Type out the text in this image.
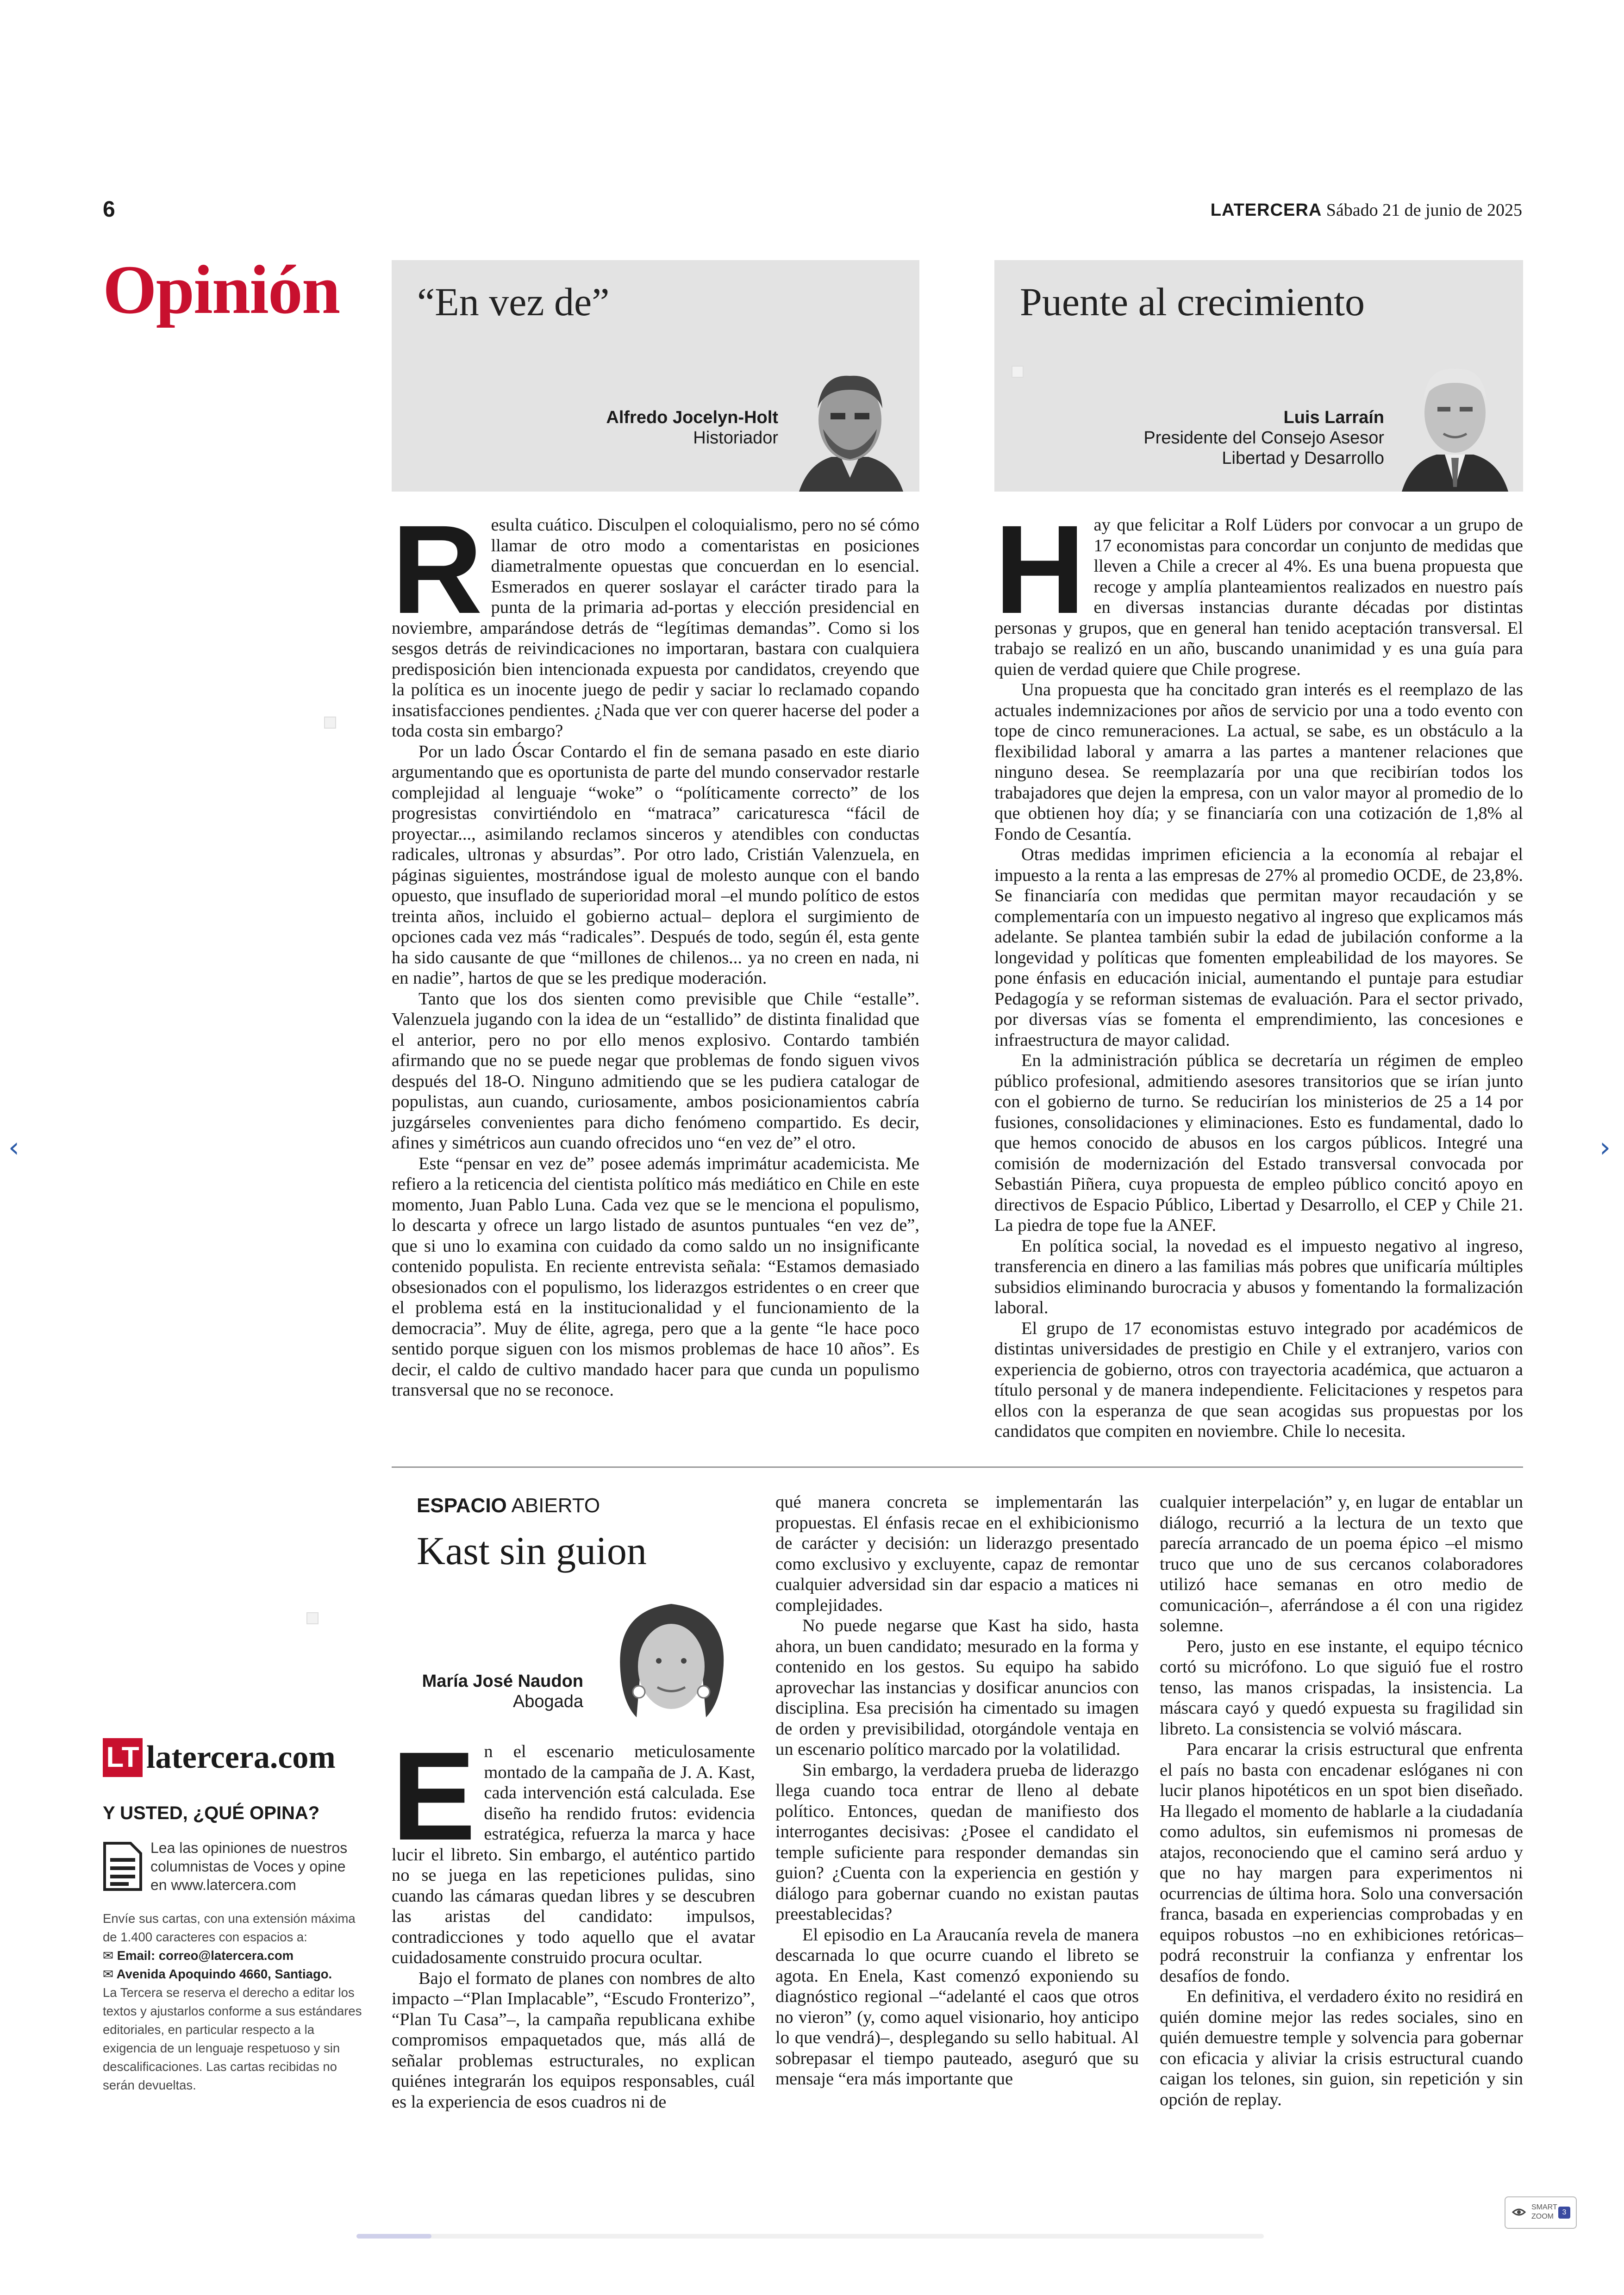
6	LATERCERA Sábado 21 de junio de 2025
Opinión “En vez de”
Alfredo Jocelyn-Holt
Historiador
Puente al crecimiento
Luis Larraín
Presidente del Consejo Asesor
Libertad y Desarrollo
R esulta cuático. Disculpen el coloquialismo, pero no sé cómo llamar de otro modo a comentaristas en posiciones diametralmente opuestas que concuerdan en lo esencial. Esmerados en querer soslayar el carácter tirado para la punta de la primaria ad-portas y elección presidencial en noviembre, amparándose detrás de “legítimas demandas”. Como si los sesgos detrás de reivindicaciones no importaran, bastara con cualquiera predisposición bien intencionada expuesta por candidatos, creyendo que la política es un inocente juego de pedir y saciar lo reclamado copando insatisfacciones pendientes. ¿Nada que ver con querer hacerse del poder a toda costa sin embargo?

Por un lado Óscar Contardo el fin de semana pasado en este diario argumentando que es oportunista de parte del mundo conservador restarle complejidad al lenguaje “woke” o “políticamente correcto” de los progresistas convirtiéndolo en “matraca” caricaturesca “fácil de proyectar..., asimilando reclamos sinceros y atendibles con conductas radicales, ultronas y absurdas”. Por otro lado, Cristián Valenzuela, en páginas siguientes, mostrándose igual de molesto aunque con el bando opuesto, que insuflado de superioridad moral –el mundo político de estos treinta años, incluido el gobierno actual– deplora el surgimiento de opciones cada vez más “radicales”. Después de todo, según él, esta gente ha sido causante de que “millones de chilenos... ya no creen en nada, ni en nadie”, hartos de que se les predique moderación.

Tanto que los dos sienten como previsible que Chile “estalle”. Valenzuela jugando con la idea de un “estallido” de distinta finalidad que el anterior, pero no por ello menos explosivo. Contardo también afirmando que no se puede negar que problemas de fondo siguen vivos después del 18-O. Ninguno admitiendo que se les pudiera catalogar de populistas, aun cuando, curiosamente, ambos posicionamientos cabría juzgárseles convenientes para dicho fenómeno compartido. Es decir, afines y simétricos aun cuando ofrecidos uno “en vez de” el otro.

Este “pensar en vez de” posee además imprimátur academicista. Me refiero a la reticencia del cientista político más mediático en Chile en este momento, Juan Pablo Luna. Cada vez que se le menciona el populismo, lo descarta y ofrece un largo listado de asuntos puntuales “en vez de”, que si uno lo examina con cuidado da como saldo un no insignificante contenido populista. En reciente entrevista señala: “Estamos demasiado obsesionados con el populismo, los liderazgos estridentes o en creer que el problema está en la institucionalidad y el funcionamiento de la democracia”. Muy de élite, agrega, pero que a la gente “le hace poco sentido porque siguen con los mismos problemas de hace 10 años”. Es decir, el caldo de cultivo mandado hacer para que cunda un populismo transversal que no se reconoce.

H ay que felicitar a Rolf Lüders por convocar a un grupo de 17 economistas para concordar un conjunto de medidas que lleven a Chile a crecer al 4%. Es una buena propuesta que recoge y amplía planteamientos realizados en nuestro país en diversas instancias durante décadas por distintas personas y grupos, que en general han tenido aceptación transversal. El trabajo se realizó en un año, buscando unanimidad y es una guía para quien de verdad quiere que Chile progrese.

Una propuesta que ha concitado gran interés es el reemplazo de las actuales indemnizaciones por años de servicio por una a todo evento con tope de cinco remuneraciones. La actual, se sabe, es un obstáculo a la flexibilidad laboral y amarra a las partes a mantener relaciones que ninguno desea. Se reemplazaría por una que recibirían todos los trabajadores que dejen la empresa, con un valor mayor al promedio de lo que obtienen hoy día; y se financiaría con una cotización de 1,8% al Fondo de Cesantía.

Otras medidas imprimen eficiencia a la economía al rebajar el impuesto a la renta a las empresas de 27% al promedio OCDE, de 23,8%. Se financiaría con medidas que permitan mayor recaudación y se complementaría con un impuesto negativo al ingreso que explicamos más adelante. Se plantea también subir la edad de jubilación conforme a la longevidad y políticas que fomenten empleabilidad de los mayores. Se pone énfasis en educación inicial, aumentando el puntaje para estudiar Pedagogía y se reforman sistemas de evaluación. Para el sector privado, por diversas vías se fomenta el emprendimiento, las concesiones e infraestructura de mayor calidad.

En la administración pública se decretaría un régimen de empleo público profesional, admitiendo asesores transitorios que se irían junto con el gobierno de turno. Se reducirían los ministerios de 25 a 14 por fusiones, consolidaciones y eliminaciones. Esto es fundamental, dado lo que hemos conocido de abusos en los cargos públicos. Integré una comisión de modernización del Estado transversal convocada por Sebastián Piñera, cuya propuesta de empleo público concitó apoyo en directivos de Espacio Público, Libertad y Desarrollo, el CEP y Chile 21. La piedra de tope fue la ANEF.

En política social, la novedad es el impuesto negativo al ingreso, transferencia en dinero a las familias más pobres que unificaría múltiples subsidios eliminando burocracia y abusos y fomentando la formalización laboral.

El grupo de 17 economistas estuvo integrado por académicos de distintas universidades de prestigio en Chile y el extranjero, varios con experiencia de gobierno, otros con trayectoria académica, que actuaron a título personal y de manera independiente. Felicitaciones y respetos para ellos con la esperanza de que sean acogidas sus propuestas por los candidatos que compiten en noviembre. Chile lo necesita.

ESPACIO ABIERTO
Kast sin guion
María José Naudon
Abogada
E n el escenario meticulosamente montado de la campaña de J. A. Kast, cada intervención está calculada. Ese diseño ha rendido frutos: evidencia estratégica, refuerza la marca y hace lucir el libreto. Sin embargo, el auténtico partido no se juega en las repeticiones pulidas, sino cuando las cámaras quedan libres y se descubren las aristas del candidato: impulsos, contradicciones y todo aquello que el avatar cuidadosamente construido procura ocultar.

Bajo el formato de planes con nombres de alto impacto –“Plan Implacable”, “Escudo Fronterizo”, “Plan Tu Casa”–, la campaña republicana exhibe compromisos empaquetados que, más allá de señalar problemas estructurales, no explican quiénes integrarán los equipos responsables, cuál es la experiencia de esos cuadros ni de

qué manera concreta se implementarán las propuestas. El énfasis recae en el exhibicionismo de carácter y decisión: un liderazgo presentado como exclusivo y excluyente, capaz de remontar cualquier adversidad sin dar espacio a matices ni complejidades.

No puede negarse que Kast ha sido, hasta ahora, un buen candidato; mesurado en la forma y contenido en los gestos. Su equipo ha sabido aprovechar las instancias y dosificar anuncios con disciplina. Esa precisión ha cimentado su imagen de orden y previsibilidad, otorgándole ventaja en un escenario político marcado por la volatilidad.

Sin embargo, la verdadera prueba de liderazgo llega cuando toca entrar de lleno al debate político. Entonces, quedan de manifiesto dos interrogantes decisivas: ¿Posee el candidato el temple suficiente para responder demandas sin guion? ¿Cuenta con la experiencia en gestión y diálogo para gobernar cuando no existan pautas preestablecidas?

El episodio en La Araucanía revela de manera descarnada lo que ocurre cuando el libreto se agota. En Enela, Kast comenzó exponiendo su diagnóstico regional –“adelanté el caos que otros no vieron” (y, como aquel visionario, hoy anticipo lo que vendrá)–, desplegando su sello habitual. Al sobrepasar el tiempo pauteado, aseguró que su mensaje “era más importante que

cualquier interpelación” y, en lugar de entablar un diálogo, recurrió a la lectura de un texto que parecía arrancado de un poema épico –el mismo truco que uno de sus cercanos colaboradores utilizó hace semanas en otro medio de comunicación–, aferrándose a él con una rigidez solemne.

Pero, justo en ese instante, el equipo técnico cortó su micrófono. Lo que siguió fue el rostro tenso, las manos crispadas, la insistencia. La máscara cayó y quedó expuesta su fragilidad sin libreto. La consistencia se volvió máscara.

Para encarar la crisis estructural que enfrenta el país no basta con encadenar eslóganes ni con lucir planos hipotéticos en un spot bien diseñado. Ha llegado el momento de hablarle a la ciudadanía como adultos, sin eufemismos ni promesas de atajos, reconociendo que el camino será arduo y que no hay margen para experimentos ni ocurrencias de última hora. Solo una conversación franca, basada en experiencias comprobadas y en equipos robustos –no en exhibiciones retóricas– podrá reconstruir la confianza y enfrentar los desafíos de fondo.

En definitiva, el verdadero éxito no residirá en quién domine mejor las redes sociales, sino en quién demuestre temple y solvencia para gobernar con eficacia y aliviar la crisis estructural cuando caigan los telones, sin guion, sin repetición y sin opción de replay.

LT latercera.com
Y USTED, ¿QUÉ OPINA?
Lea las opiniones de nuestros columnistas de Voces y opine en www.latercera.com
Envíe sus cartas, con una extensión máxima de 1.400 caracteres con espacios a:
✉ Email: correo@latercera.com
✉ Avenida Apoquindo 4660, Santiago.
La Tercera se reserva el derecho a editar los textos y ajustarlos conforme a sus estándares editoriales, en particular respecto a la exigencia de un lenguaje respetuoso y sin descalificaciones. Las cartas recibidas no serán devueltas.
‹	›
SMART
ZOOM
3
